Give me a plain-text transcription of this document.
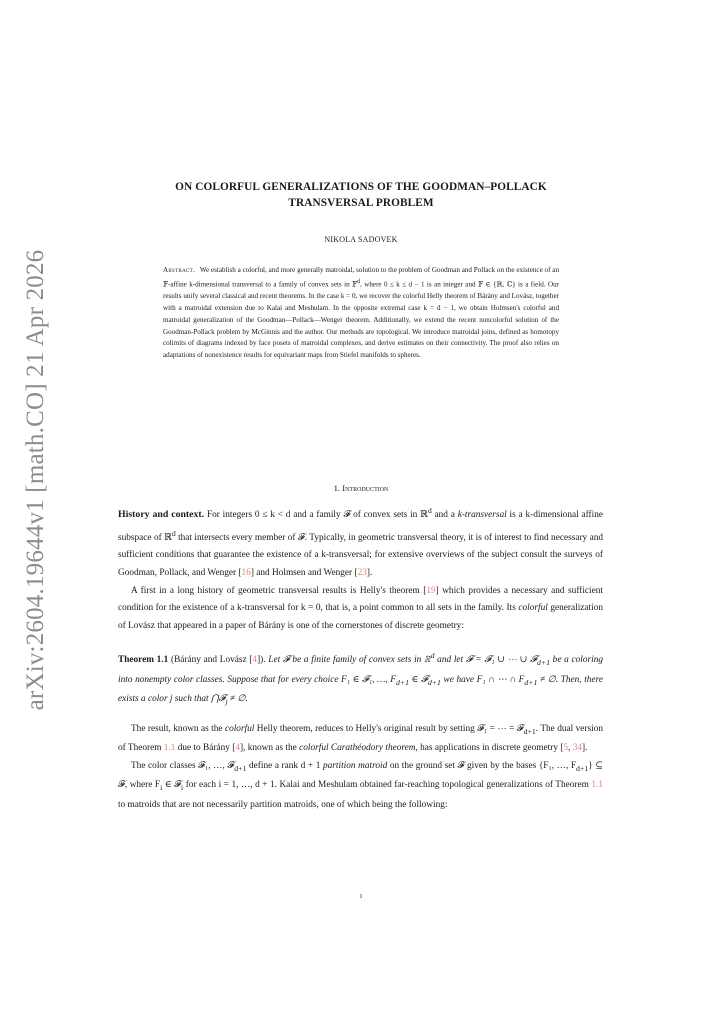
arXiv:2604.19644v1 [math.CO] 21 Apr 2026
ON COLORFUL GENERALIZATIONS OF THE GOODMAN–POLLACK
TRANSVERSAL PROBLEM
NIKOLA SADOVEK
Abstract. We establish a colorful, and more generally matroidal, solution to the problem of Goodman and Pollack on the existence of an 𝔽-affine k-dimensional transversal to a family of convex sets in 𝔽$^d$, where 0 ≤ k ≤ d − 1 is an integer and 𝔽 ∈ {ℝ, ℂ} is a field. Our results unify several classical and recent theorems. In the case k = 0, we recover the colorful Helly theorem of Bárány and Lovász, together with a matroidal extension due to Kalai and Meshulam. In the opposite extremal case k = d − 1, we obtain Holmsen's colorful and matroidal generalization of the Goodman—Pollack—Wenger theorem. Additionally, we extend the recent noncolorful solution of the Goodman-Pollack problem by McGinnis and the author. Our methods are topological. We introduce matroidal joins, defined as homotopy colimits of diagrams indexed by face posets of matroidal complexes, and derive estimates on their connectivity. The proof also relies on adaptations of nonexistence results for equivariant maps from Stiefel manifolds to spheres.
1. Introduction

History and context. For integers 0 ≤ k < d and a family 𝓕 of convex sets in ℝ$^d$ and a k-transversal is a k-dimensional affine subspace of ℝ$^d$ that intersects every member of 𝓕. Typically, in geometric transversal theory, it is of interest to find necessary and sufficient conditions that guarantee the existence of a k-transversal; for extensive overviews of the subject consult the surveys of Goodman, Pollack, and Wenger [16] and Holmsen and Wenger [23].

A first in a long history of geometric transversal results is Helly's theorem [19] which provides a necessary and sufficient condition for the existence of a k-transversal for k = 0, that is, a point common to all sets in the family. Its colorful generalization of Lovász that appeared in a paper of Bárány is one of the cornerstones of discrete geometry:

Theorem 1.1 (Bárány and Lovász [4]). Let 𝓕 be a finite family of convex sets in ℝ$^d$ and let 𝓕 = 𝓕₁ ∪ ⋯ ∪ 𝓕$_{d+1}$ be a coloring into nonempty color classes. Suppose that for every choice F₁ ∈ 𝓕₁, …, $F_{d+1}$ ∈ 𝓕$_{d+1}$ we have F₁ ∩ ⋯ ∩ $F_{d+1}$ ≠ ∅. Then, there exists a color j such that ⋂𝓕$_j$ ≠ ∅.

The result, known as the colorful Helly theorem, reduces to Helly's original result by setting 𝓕₁ = ⋯ = 𝓕$_{d+1}$. The dual version of Theorem 1.1 due to Bárány [4], known as the colorful Carathéodory theorem, has applications in discrete geometry [5, 34].

The color classes 𝓕₁, …, 𝓕$_{d+1}$ define a rank d + 1 partition matroid on the ground set 𝓕 given by the bases {F₁, …, $F_{d+1}$} ⊆ 𝓕, where $F_i$ ∈ 𝓕$_i$ for each i = 1, …, d + 1. Kalai and Meshulam obtained far-reaching topological generalizations of Theorem 1.1 to matroids that are not necessarily partition matroids, one of which being the following:

1
